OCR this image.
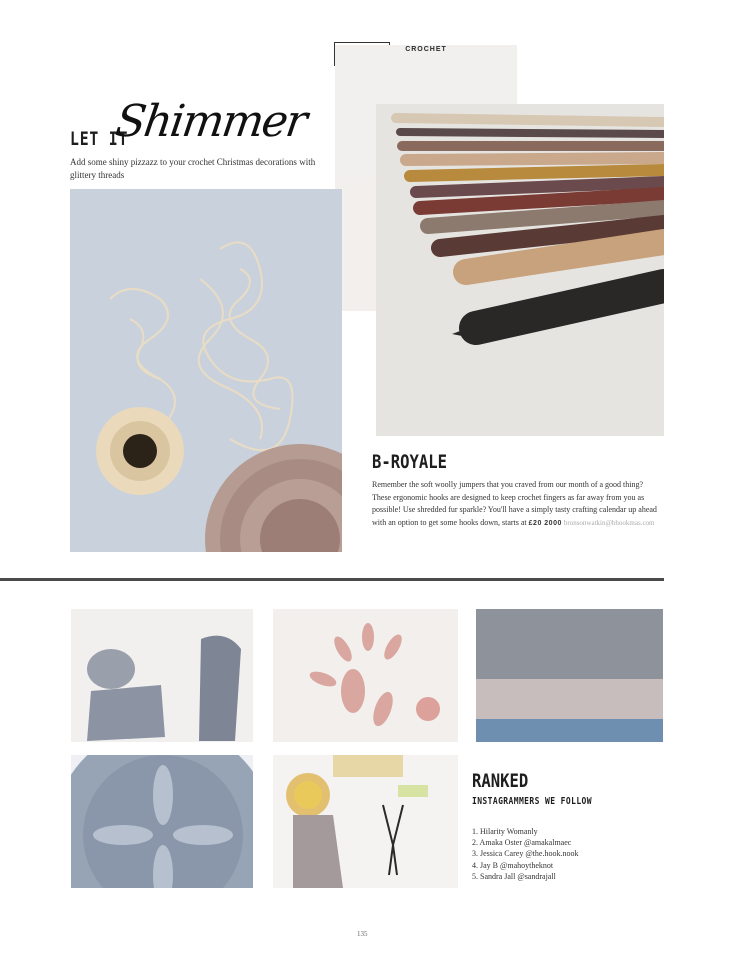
CROCHET
LET IT
Shimmer
Add some shiny pizzazz to your crochet Christmas decorations with glittery threads
B-ROYALE
Remember the soft woolly jumpers that you craved from our month of a good thing? These ergonomic hooks are designed to keep crochet fingers as far away from you as possible! Use shredded fur sparkle? You'll have a simply tasty crafting calendar up ahead with an option to get some hooks down, starts at £20 2000 bronsonwatkin@bhookmas.com
RANKED
INSTAGRAMMERS WE FOLLOW
1. Hilarity Womanly
2. Amaka Oster @amakalmaec
3. Jessica Carey @the.hook.nook
4. Jay B @mahoytheknot
5. Sandra Jall @sandrajall
135
